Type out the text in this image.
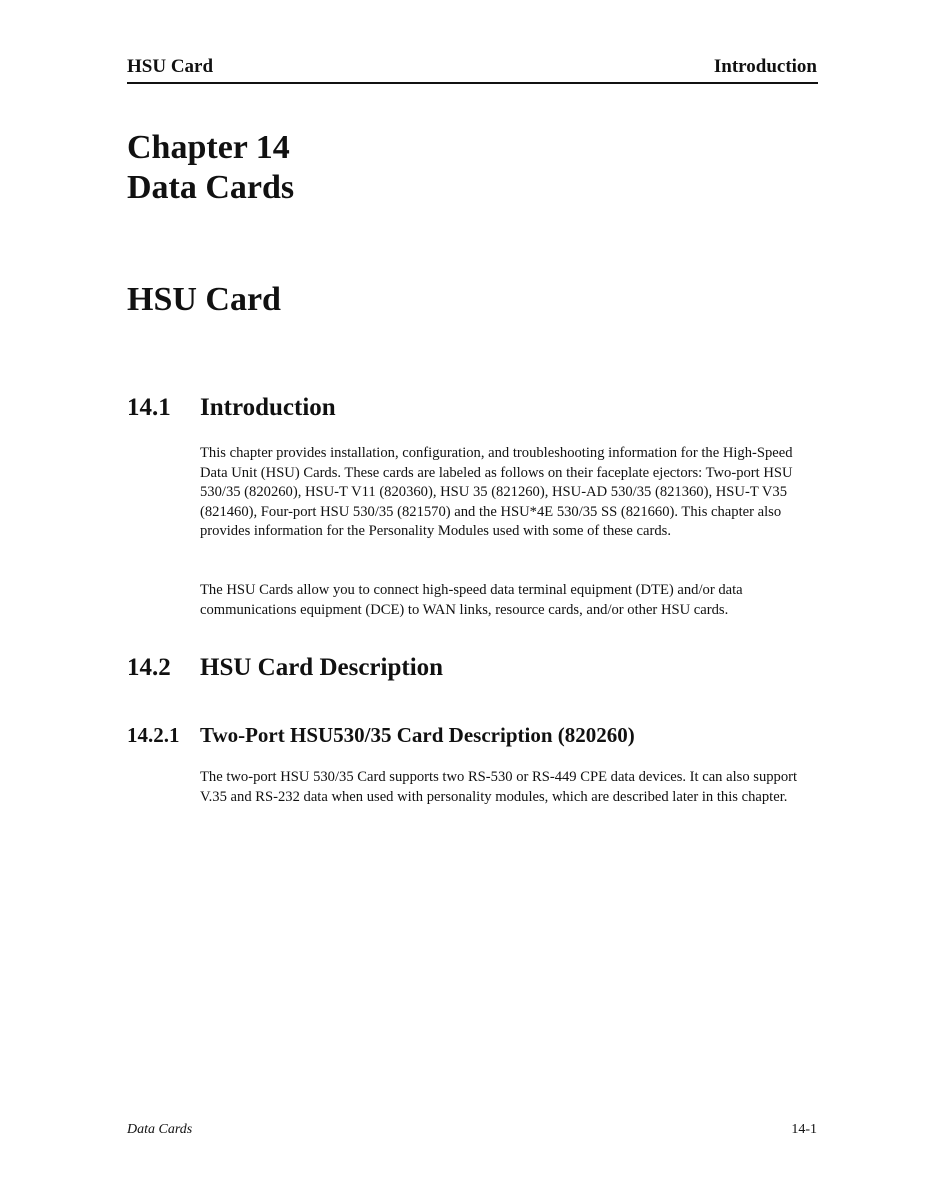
HSU Card	Introduction
Chapter 14
Data Cards
HSU Card
14.1 Introduction

This chapter provides installation, configuration, and troubleshooting information for the High-Speed Data Unit (HSU) Cards. These cards are labeled as follows on their faceplate ejectors: Two-port HSU 530/35 (820260), HSU-T V11 (820360), HSU 35 (821260), HSU-AD 530/35 (821360), HSU-T V35 (821460), Four-port HSU 530/35 (821570) and the HSU*4E 530/35 SS (821660). This chapter also provides information for the Personality Modules used with some of these cards.

The HSU Cards allow you to connect high-speed data terminal equipment (DTE) and/or data communications equipment (DCE) to WAN links, resource cards, and/or other HSU cards.

14.2 HSU Card Description
14.2.1 Two-Port HSU530/35 Card Description (820260)

The two-port HSU 530/35 Card supports two RS-530 or RS-449 CPE data devices. It can also support V.35 and RS-232 data when used with personality modules, which are described later in this chapter.

Data Cards	14-1
